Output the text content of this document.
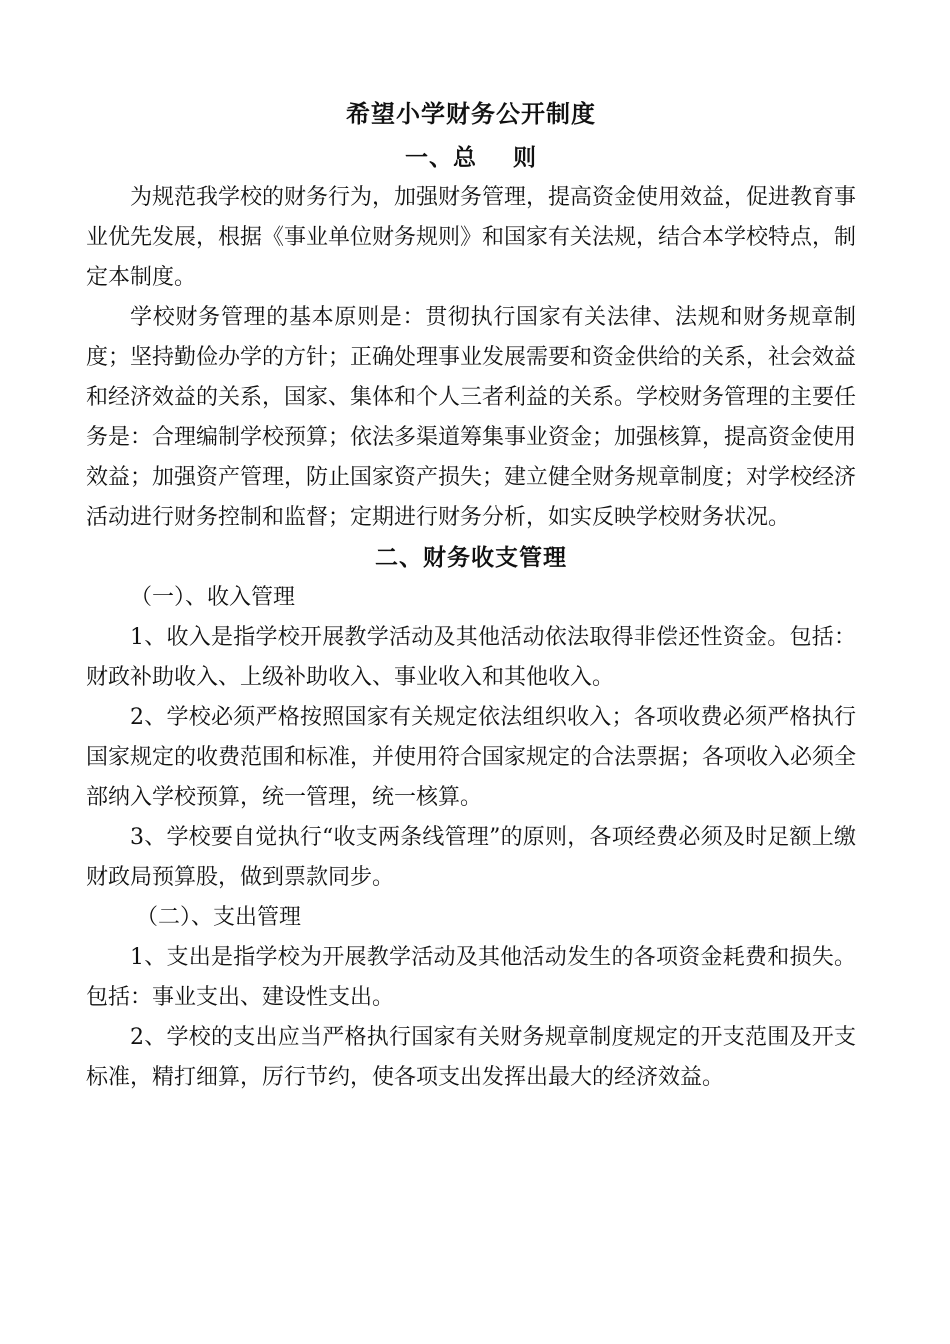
希望小学财务公开制度
一、总    则

为规范我学校的财务行为，加强财务管理，提高资金使用效益，促进教育事业优先发展，根据《事业单位财务规则》和国家有关法规，结合本学校特点，制定本制度。

学校财务管理的基本原则是：贯彻执行国家有关法律、法规和财务规章制度；坚持勤俭办学的方针；正确处理事业发展需要和资金供给的关系，社会效益和经济效益的关系，国家、集体和个人三者利益的关系。学校财务管理的主要任务是：合理编制学校预算；依法多渠道筹集事业资金；加强核算，提高资金使用效益；加强资产管理，防止国家资产损失；建立健全财务规章制度；对学校经济活动进行财务控制和监督；定期进行财务分析，如实反映学校财务状况。

二、财务收支管理
（一）、收入管理

1、收入是指学校开展教学活动及其他活动依法取得非偿还性资金。包括：财政补助收入、上级补助收入、事业收入和其他收入。

2、学校必须严格按照国家有关规定依法组织收入；各项收费必须严格执行国家规定的收费范围和标准，并使用符合国家规定的合法票据；各项收入必须全部纳入学校预算，统一管理，统一核算。

3、学校要自觉执行“收支两条线管理”的原则，各项经费必须及时足额上缴财政局预算股，做到票款同步。

（二）、支出管理

1、支出是指学校为开展教学活动及其他活动发生的各项资金耗费和损失。包括：事业支出、建设性支出。

2、学校的支出应当严格执行国家有关财务规章制度规定的开支范围及开支标准，精打细算，厉行节约，使各项支出发挥出最大的经济效益。
